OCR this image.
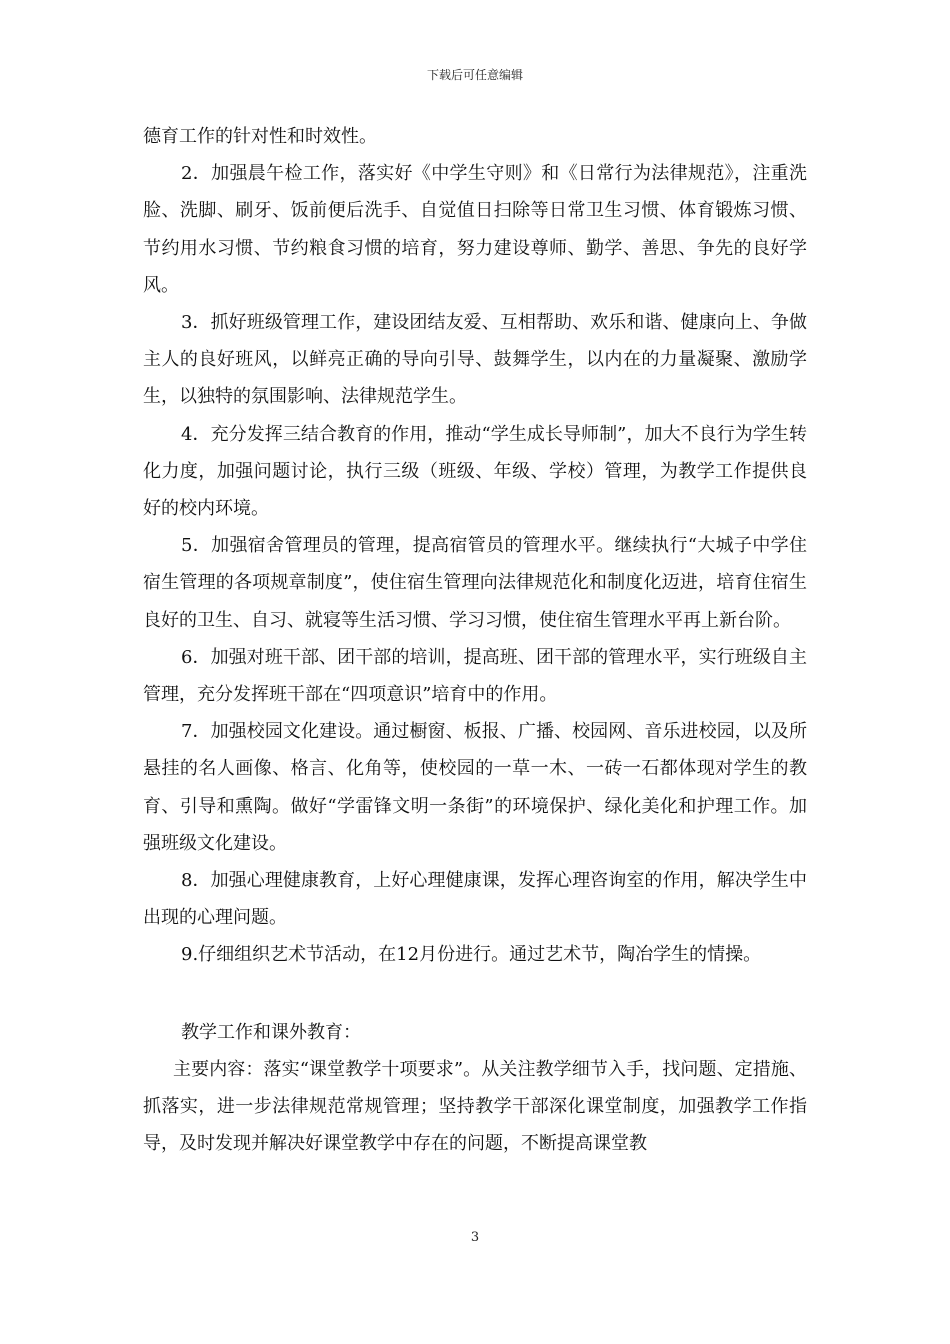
下载后可任意编辑

德育工作的针对性和时效性。

2．加强晨午检工作，落实好《中学生守则》和《日常行为法律规范》，注重洗脸、洗脚、刷牙、饭前便后洗手、自觉值日扫除等日常卫生习惯、体育锻炼习惯、节约用水习惯、节约粮食习惯的培育，努力建设尊师、勤学、善思、争先的良好学风。

3．抓好班级管理工作，建设团结友爱、互相帮助、欢乐和谐、健康向上、争做主人的良好班风，以鲜亮正确的导向引导、鼓舞学生，以内在的力量凝聚、激励学生，以独特的氛围影响、法律规范学生。

4．充分发挥三结合教育的作用，推动“学生成长导师制”，加大不良行为学生转化力度，加强问题讨论，执行三级（班级、年级、学校）管理，为教学工作提供良好的校内环境。

5．加强宿舍管理员的管理，提高宿管员的管理水平。继续执行“大城子中学住宿生管理的各项规章制度”，使住宿生管理向法律规范化和制度化迈进，培育住宿生良好的卫生、自习、就寝等生活习惯、学习习惯，使住宿生管理水平再上新台阶。

6．加强对班干部、团干部的培训，提高班、团干部的管理水平，实行班级自主管理，充分发挥班干部在“四项意识”培育中的作用。

7．加强校园文化建设。通过橱窗、板报、广播、校园网、音乐进校园，以及所悬挂的名人画像、格言、化角等，使校园的一草一木、一砖一石都体现对学生的教育、引导和熏陶。做好“学雷锋文明一条街”的环境保护、绿化美化和护理工作。加强班级文化建设。

8．加强心理健康教育，上好心理健康课，发挥心理咨询室的作用，解决学生中出现的心理问题。

9.仔细组织艺术节活动，在12月份进行。通过艺术节，陶冶学生的情操。

教学工作和课外教育：

主要内容：落实“课堂教学十项要求”。从关注教学细节入手，找问题、定措施、抓落实，进一步法律规范常规管理；坚持教学干部深化课堂制度，加强教学工作指导，及时发现并解决好课堂教学中存在的问题，不断提高课堂教

3
